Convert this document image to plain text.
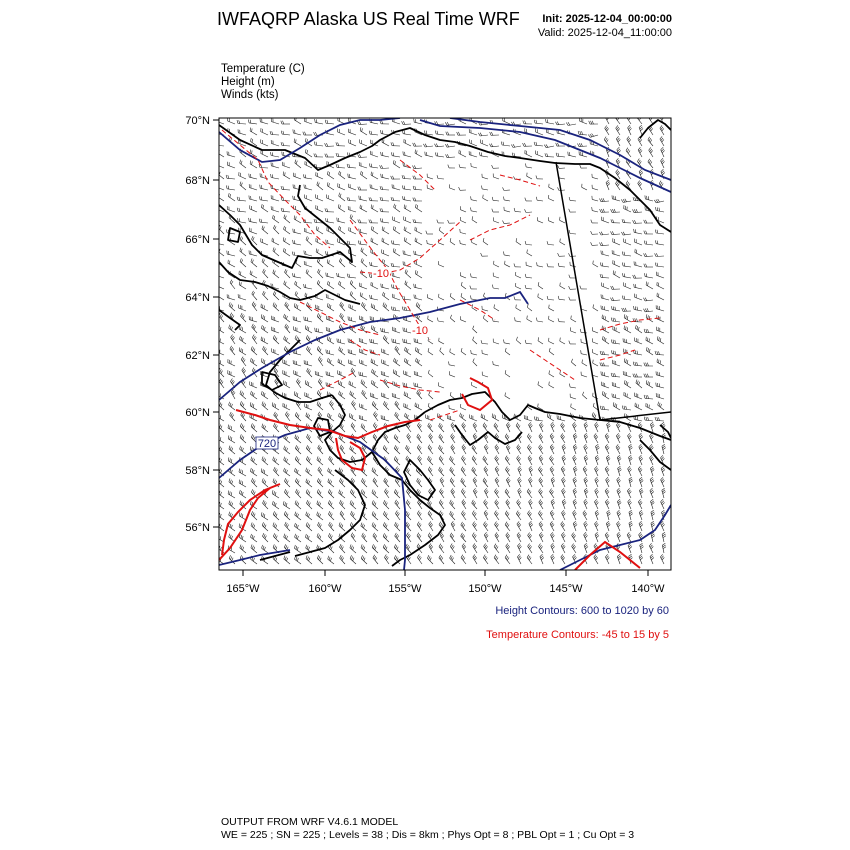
IWFAQRP Alaska US Real Time WRF Init: 2025-12-04_00:00:00
Valid: 2025-12-04_11:00:00
Temperature (C)
Height (m)
Winds (kts)
-10
-10
720
70°N
68°N
66°N
64°N
62°N
60°N
58°N
56°N
165°W	160°W	155°W	150°W	145°W	140°W
Height Contours: 600 to 1020 by 60
Temperature Contours: -45 to 15 by 5
OUTPUT FROM WRF V4.6.1 MODEL
WE = 225 ; SN = 225 ; Levels = 38 ; Dis = 8km ; Phys Opt = 8 ; PBL Opt = 1 ; Cu Opt = 3
